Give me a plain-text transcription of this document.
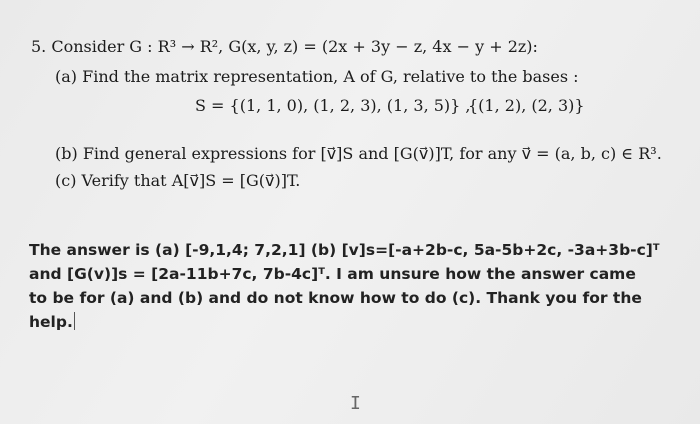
5. Consider G : R³ → R², G(x, y, z) = (2x + 3y − z, 4x − y + 2z):
(a) Find the matrix representation, A of G, relative to the bases :
S = {(1, 1, 0), (1, 2, 3), (1, 3, 5)} ,
{(1, 2), (2, 3)}
(b) Find general expressions for [v⃗]S and [G(v⃗)]T, for any v⃗ = (a, b, c) ∈ R³.
(c) Verify that A[v⃗]S = [G(v⃗)]T.

The answer is (a) [-9,1,4; 7,2,1] (b) [v]s=[-a+2b-c, 5a-5b+2c, -3a+3b-c]ᵀ

and [G(v)]s = [2a-11b+7c, 7b-4c]ᵀ. I am unsure how the answer came

to be for (a) and (b) and do not know how to do (c). Thank you for the

help.

I
